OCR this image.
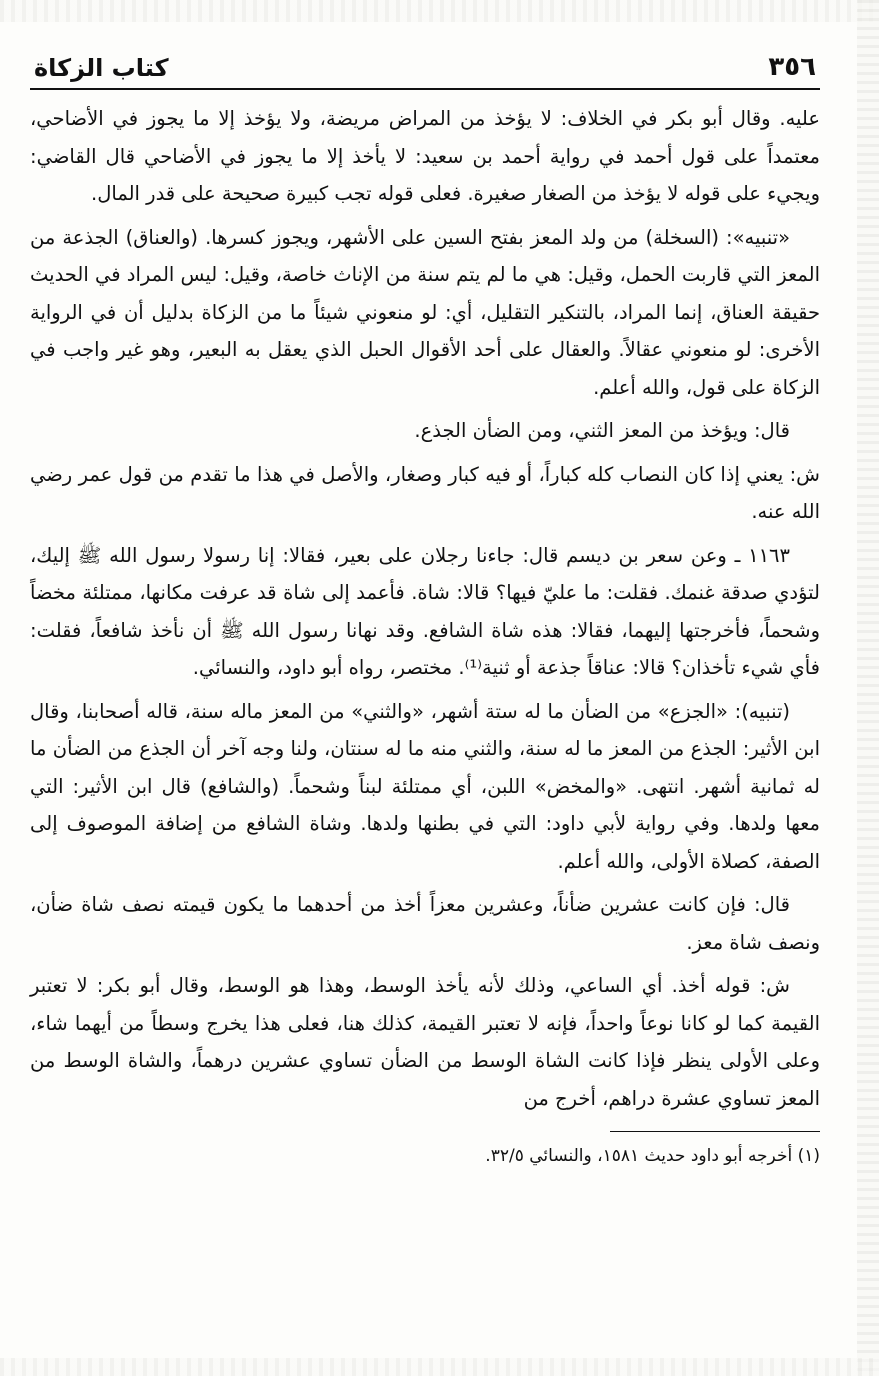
٣٥٦
كتاب الزكاة

عليه. وقال أبو بكر في الخلاف: لا يؤخذ من المراض مريضة، ولا يؤخذ إلا ما يجوز في الأضاحي، معتمداً على قول أحمد في رواية أحمد بن سعيد: لا يأخذ إلا ما يجوز في الأضاحي قال القاضي: ويجيء على قوله لا يؤخذ من الصغار صغيرة. فعلى قوله تجب كبيرة صحيحة على قدر المال.

«تنبيه»: (السخلة) من ولد المعز بفتح السين على الأشهر، ويجوز كسرها. (والعناق) الجذعة من المعز التي قاربت الحمل، وقيل: هي ما لم يتم سنة من الإناث خاصة، وقيل: ليس المراد في الحديث حقيقة العناق، إنما المراد، بالتنكير التقليل، أي: لو منعوني شيئاً ما من الزكاة بدليل أن في الرواية الأخرى: لو منعوني عقالاً. والعقال على أحد الأقوال الحبل الذي يعقل به البعير، وهو غير واجب في الزكاة على قول، والله أعلم.

قال: ويؤخذ من المعز الثني، ومن الضأن الجذع.

ش: يعني إذا كان النصاب كله كباراً، أو فيه كبار وصغار، والأصل في هذا ما تقدم من قول عمر رضي الله عنه.

١١٦٣ ـ وعن سعر بن ديسم قال: جاءنا رجلان على بعير، فقالا: إنا رسولا رسول الله ﷺ إليك، لتؤدي صدقة غنمك. فقلت: ما عليّ فيها؟ قالا: شاة. فأعمد إلى شاة قد عرفت مكانها، ممتلئة مخضاً وشحماً، فأخرجتها إليهما، فقالا: هذه شاة الشافع. وقد نهانا رسول الله ﷺ أن نأخذ شافعاً، فقلت: فأي شيء تأخذان؟ قالا: عناقاً جذعة أو ثنية⁽¹⁾. مختصر، رواه أبو داود، والنسائي.

(تنبيه): «الجزع» من الضأن ما له ستة أشهر، «والثني» من المعز ماله سنة، قاله أصحابنا، وقال ابن الأثير: الجذع من المعز ما له سنة، والثني منه ما له سنتان، ولنا وجه آخر أن الجذع من الضأن ما له ثمانية أشهر. انتهى. «والمخض» اللبن، أي ممتلئة لبناً وشحماً. (والشافع) قال ابن الأثير: التي معها ولدها. وفي رواية لأبي داود: التي في بطنها ولدها. وشاة الشافع من إضافة الموصوف إلى الصفة، كصلاة الأولى، والله أعلم.

قال: فإن كانت عشرين ضأناً، وعشرين معزاً أخذ من أحدهما ما يكون قيمته نصف شاة ضأن، ونصف شاة معز.

ش: قوله أخذ. أي الساعي، وذلك لأنه يأخذ الوسط، وهذا هو الوسط، وقال أبو بكر: لا تعتبر القيمة كما لو كانا نوعاً واحداً، فإنه لا تعتبر القيمة، كذلك هنا، فعلى هذا يخرج وسطاً من أيهما شاء، وعلى الأولى ينظر فإذا كانت الشاة الوسط من الضأن تساوي عشرين درهماً، والشاة الوسط من المعز تساوي عشرة دراهم، أخرج من

(١) أخرجه أبو داود حديث ١٥٨١، والنسائي ٣٢/٥.
